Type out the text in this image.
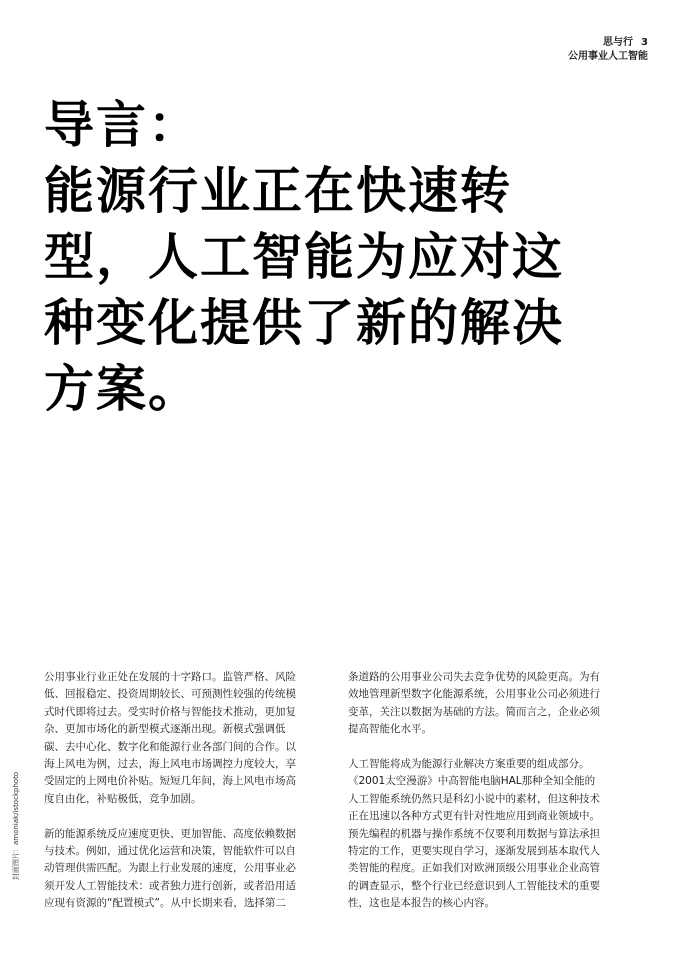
思与行 3
公用事业人工智能
导言：
能源行业正在快速转
型，人工智能为应对这
种变化提供了新的解决
方案。
封面图片：amoniak/istockphoto

公用事业行业正处在发展的十字路口。监管严格、风险
低、回报稳定、投资周期较长、可预测性较强的传统模
式时代即将过去。受实时价格与智能技术推动，更加复
杂、更加市场化的新型模式逐渐出现。新模式强调低
碳、去中心化、数字化和能源行业各部门间的合作。以
海上风电为例，过去，海上风电市场调控力度较大，享
受固定的上网电价补贴。短短几年间，海上风电市场高
度自由化，补贴极低，竞争加剧。

新的能源系统反应速度更快、更加智能、高度依赖数据
与技术。例如，通过优化运营和决策，智能软件可以自
动管理供需匹配。为跟上行业发展的速度，公用事业必
须开发人工智能技术：或者独力进行创新，或者沿用适
应现有资源的“配置模式”。从中长期来看，选择第二

条道路的公用事业公司失去竞争优势的风险更高。为有
效地管理新型数字化能源系统，公用事业公司必须进行
变革，关注以数据为基础的方法。简而言之，企业必须
提高智能化水平。

人工智能将成为能源行业解决方案重要的组成部分。
《2001太空漫游》中高智能电脑HAL那种全知全能的
人工智能系统仍然只是科幻小说中的素材，但这种技术
正在迅速以各种方式更有针对性地应用到商业领域中。
预先编程的机器与操作系统不仅要利用数据与算法承担
特定的工作，更要实现自学习，逐渐发展到基本取代人
类智能的程度。正如我们对欧洲顶级公用事业企业高管
的调查显示，整个行业已经意识到人工智能技术的重要
性，这也是本报告的核心内容。
